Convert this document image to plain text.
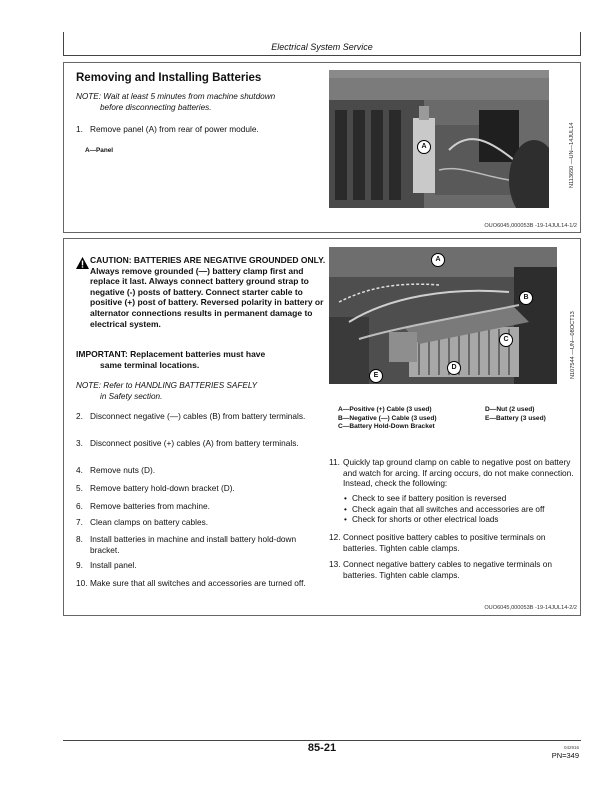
Electrical System Service
Removing and Installing Batteries
NOTE: Wait at least 5 minutes from machine shutdown
before disconnecting batteries.
1. Remove panel (A) from rear of power module.
A—Panel
A	N113650 —UN—14JUL14
OUO6045,000053B -19-14JUL14-1/2
CAUTION: BATTERIES ARE NEGATIVE GROUNDED ONLY. Always remove grounded (—) battery clamp first and replace it last. Always connect battery ground strap to negative (-) posts of battery. Connect starter cable to positive (+) post of battery. Reversed polarity in battery or alternator connections results in permanent damage to electrical system.
IMPORTANT: Replacement batteries must have
same terminal locations.
NOTE: Refer to HANDLING BATTERIES SAFELY
in Safety section.
2. Disconnect negative (—) cables (B) from battery terminals.
3. Disconnect positive (+) cables (A) from battery terminals.
4. Remove nuts (D).
5. Remove battery hold-down bracket (D).
6. Remove batteries from machine.
7. Clean clamps on battery cables.
8. Install batteries in machine and install battery hold-down bracket.
9. Install panel.
10. Make sure that all switches and accessories are turned off.
A
B
C
D
E	N107544 —UN—08OCT13
A—Positive (+) Cable (3 used)
B—Negative (—) Cable (3 used)
C—Battery Hold-Down Bracket
D—Nut (2 used)
E—Battery (3 used)
11. Quickly tap ground clamp on cable to negative post on battery and watch for arcing. If arcing occurs, do not make connection. Instead, check the following:
• Check to see if battery position is reversed
• Check again that all switches and accessories are off
• Check for shorts or other electrical loads
12. Connect positive battery cables to positive terminals on batteries. Tighten cable clamps.
13. Connect negative battery cables to negative terminals on batteries. Tighten cable clamps.
OUO6045,000053B -19-14JUL14-2/2
85-21	042916
PN=349
